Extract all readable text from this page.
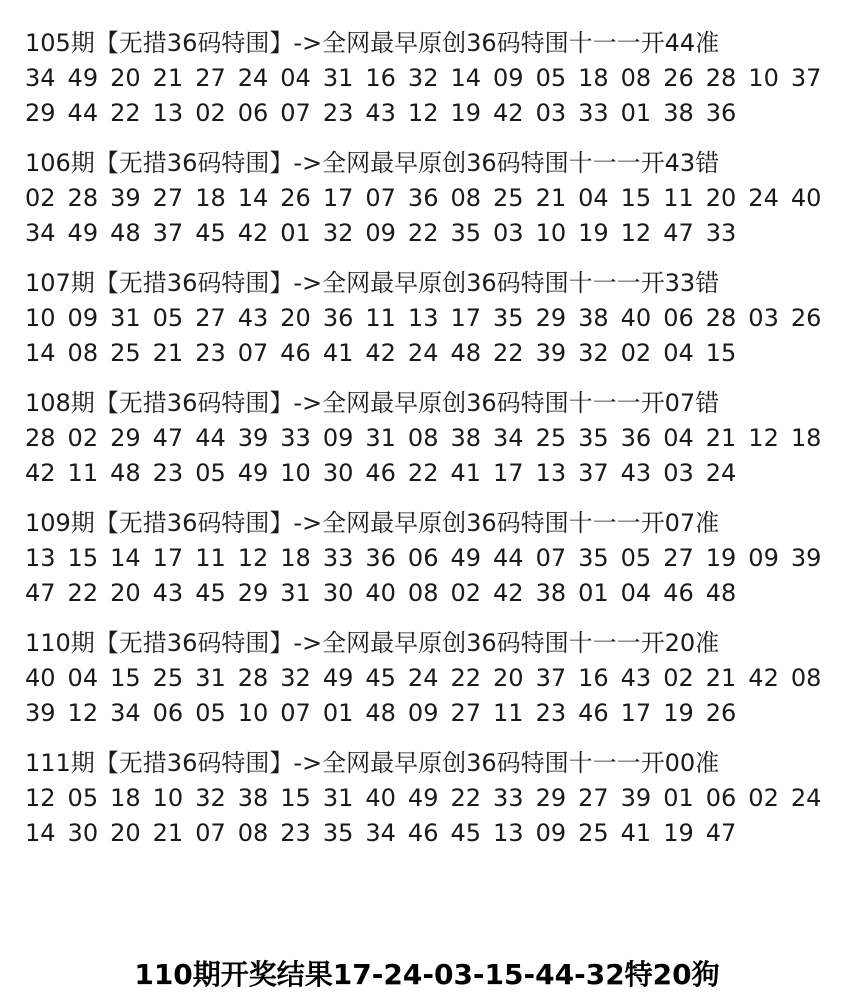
105期【无措36码特围】->全网最早原创36码特围十一一开44准
34 49 20 21 27 24 04 31 16 32 14 09 05 18 08 26 28 10 37
29 44 22 13 02 06 07 23 43 12 19 42 03 33 01 38 36
106期【无措36码特围】->全网最早原创36码特围十一一开43错
02 28 39 27 18 14 26 17 07 36 08 25 21 04 15 11 20 24 40
34 49 48 37 45 42 01 32 09 22 35 03 10 19 12 47 33
107期【无措36码特围】->全网最早原创36码特围十一一开33错
10 09 31 05 27 43 20 36 11 13 17 35 29 38 40 06 28 03 26
14 08 25 21 23 07 46 41 42 24 48 22 39 32 02 04 15
108期【无措36码特围】->全网最早原创36码特围十一一开07错
28 02 29 47 44 39 33 09 31 08 38 34 25 35 36 04 21 12 18
42 11 48 23 05 49 10 30 46 22 41 17 13 37 43 03 24
109期【无措36码特围】->全网最早原创36码特围十一一开07准
13 15 14 17 11 12 18 33 36 06 49 44 07 35 05 27 19 09 39
47 22 20 43 45 29 31 30 40 08 02 42 38 01 04 46 48
110期【无措36码特围】->全网最早原创36码特围十一一开20准
40 04 15 25 31 28 32 49 45 24 22 20 37 16 43 02 21 42 08
39 12 34 06 05 10 07 01 48 09 27 11 23 46 17 19 26
111期【无措36码特围】->全网最早原创36码特围十一一开00准
12 05 18 10 32 38 15 31 40 49 22 33 29 27 39 01 06 02 24
14 30 20 21 07 08 23 35 34 46 45 13 09 25 41 19 47
110期开奖结果17-24-03-15-44-32特20狗
